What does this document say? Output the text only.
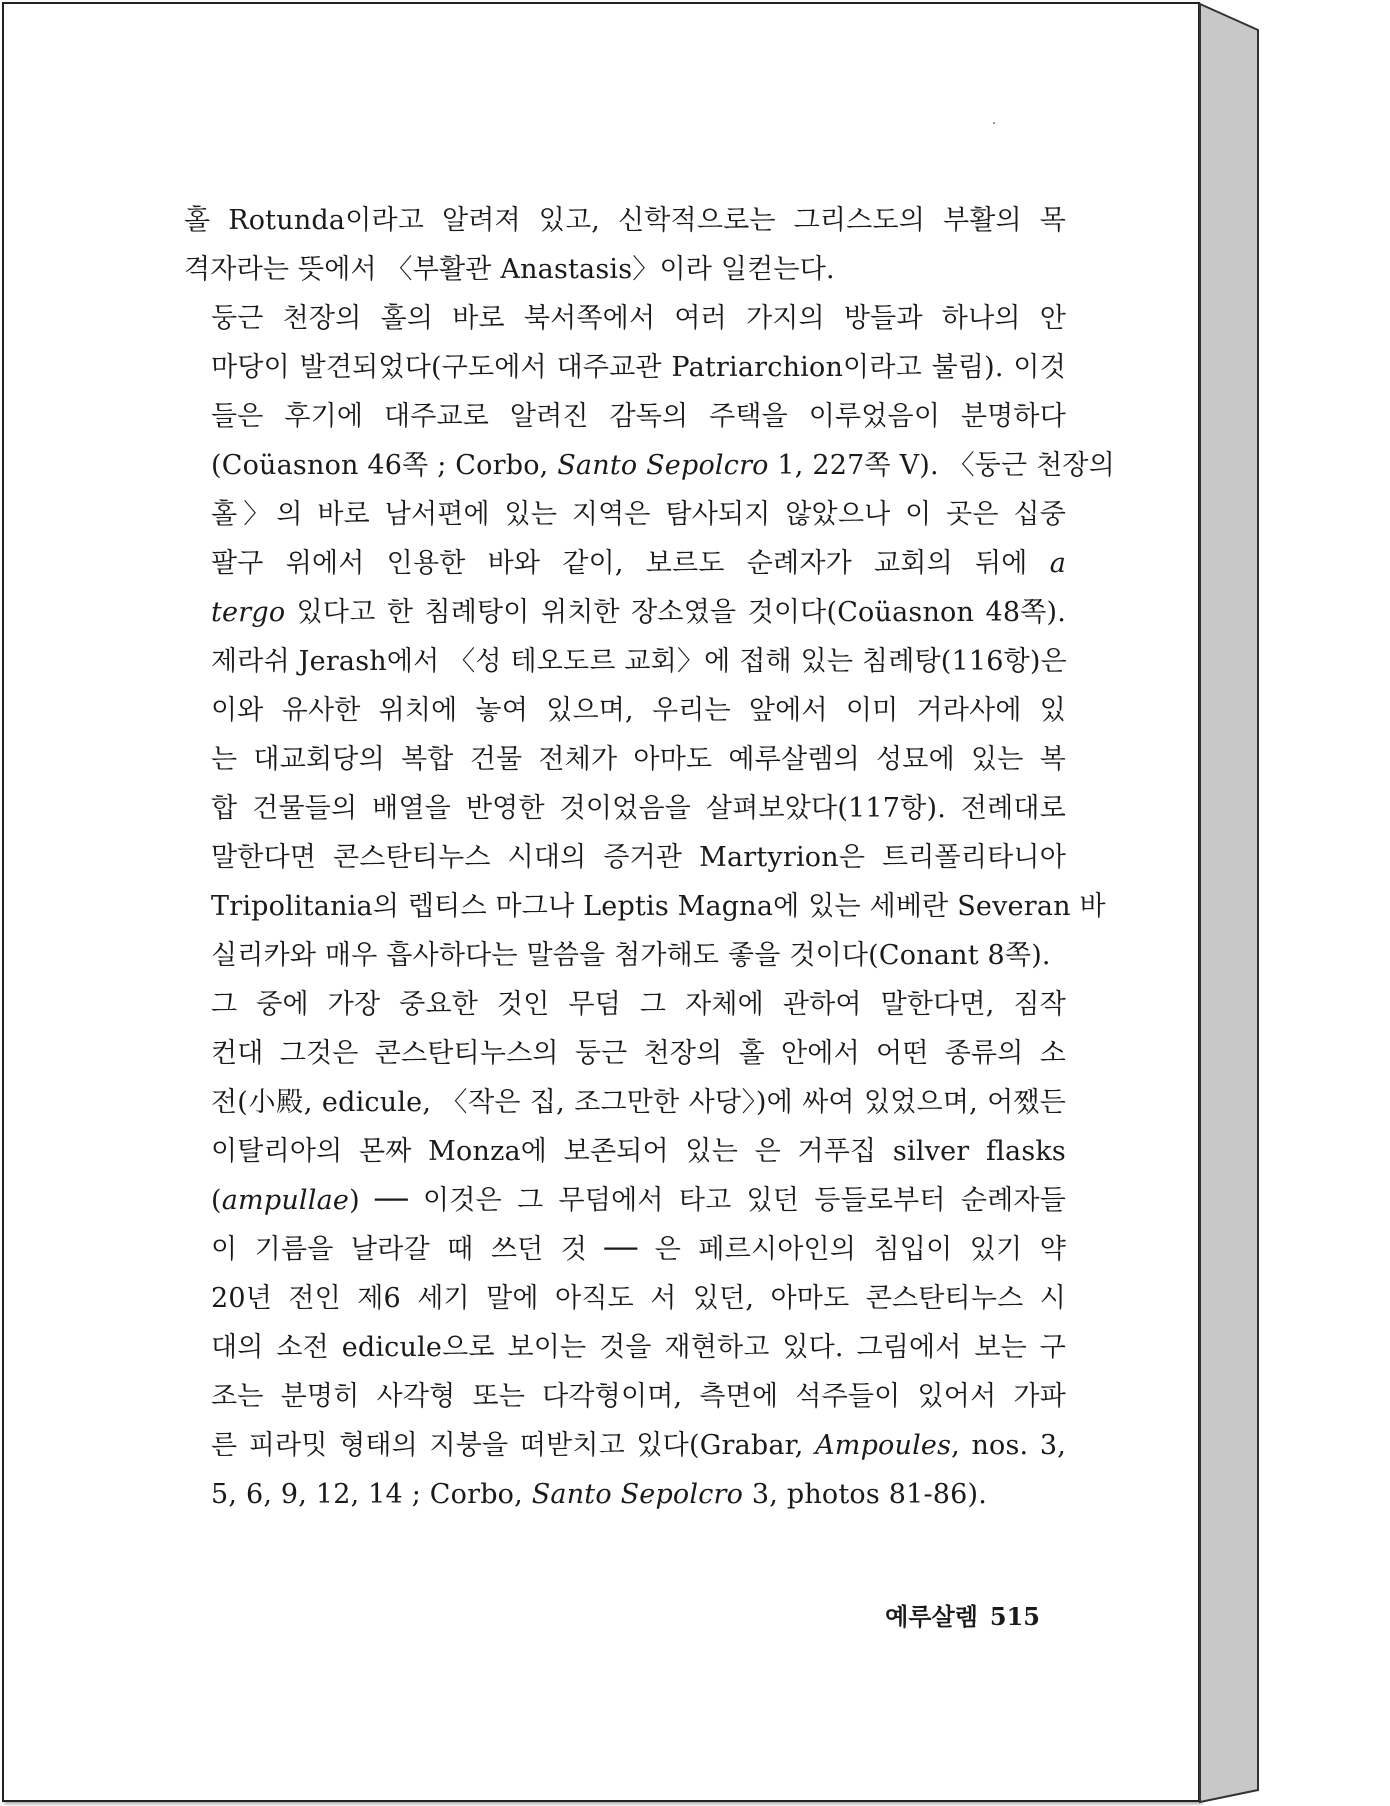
홀 Rotunda이라고 알려져 있고, 신학적으로는 그리스도의 부활의 목
격자라는 뜻에서 〈부활관 Anastasis〉이라 일컫는다.
둥근 천장의 홀의 바로 북서쪽에서 여러 가지의 방들과 하나의 안
마당이 발견되었다(구도에서 대주교관 Patriarchion이라고 불림). 이것
들은 후기에 대주교로 알려진 감독의 주택을 이루었음이 분명하다
(Coüasnon 46쪽 ; Corbo, Santo Sepolcro 1, 227쪽 V). 〈둥근 천장의
홀〉의 바로 남서편에 있는 지역은 탐사되지 않았으나 이 곳은 십중
팔구 위에서 인용한 바와 같이, 보르도 순례자가 교회의 뒤에 a
tergo 있다고 한 침례탕이 위치한 장소였을 것이다(Coüasnon 48쪽).
제라쉬 Jerash에서 〈성 테오도르 교회〉에 접해 있는 침례탕(116항)은
이와 유사한 위치에 놓여 있으며, 우리는 앞에서 이미 거라사에 있
는 대교회당의 복합 건물 전체가 아마도 예루살렘의 성묘에 있는 복
합 건물들의 배열을 반영한 것이었음을 살펴보았다(117항). 전례대로
말한다면 콘스탄티누스 시대의 증거관 Martyrion은 트리폴리타니아
Tripolitania의 렙티스 마그나 Leptis Magna에 있는 세베란 Severan 바
실리카와 매우 흡사하다는 말씀을 첨가해도 좋을 것이다(Conant 8쪽).
그 중에 가장 중요한 것인 무덤 그 자체에 관하여 말한다면, 짐작
컨대 그것은 콘스탄티누스의 둥근 천장의 홀 안에서 어떤 종류의 소
전(小殿, edicule, 〈작은 집, 조그만한 사당〉)에 싸여 있었으며, 어쨌든
이탈리아의 몬짜 Monza에 보존되어 있는 은 거푸집 silver flasks
(ampullae) ── 이것은 그 무덤에서 타고 있던 등들로부터 순례자들
이 기름을 날라갈 때 쓰던 것 ── 은 페르시아인의 침입이 있기 약
20년 전인 제6 세기 말에 아직도 서 있던, 아마도 콘스탄티누스 시
대의 소전 edicule으로 보이는 것을 재현하고 있다. 그림에서 보는 구
조는 분명히 사각형 또는 다각형이며, 측면에 석주들이 있어서 가파
른 피라밋 형태의 지붕을 떠받치고 있다(Grabar, Ampoules, nos. 3,
5, 6, 9, 12, 14 ; Corbo, Santo Sepolcro 3, photos 81-86).
예루살렘 515
